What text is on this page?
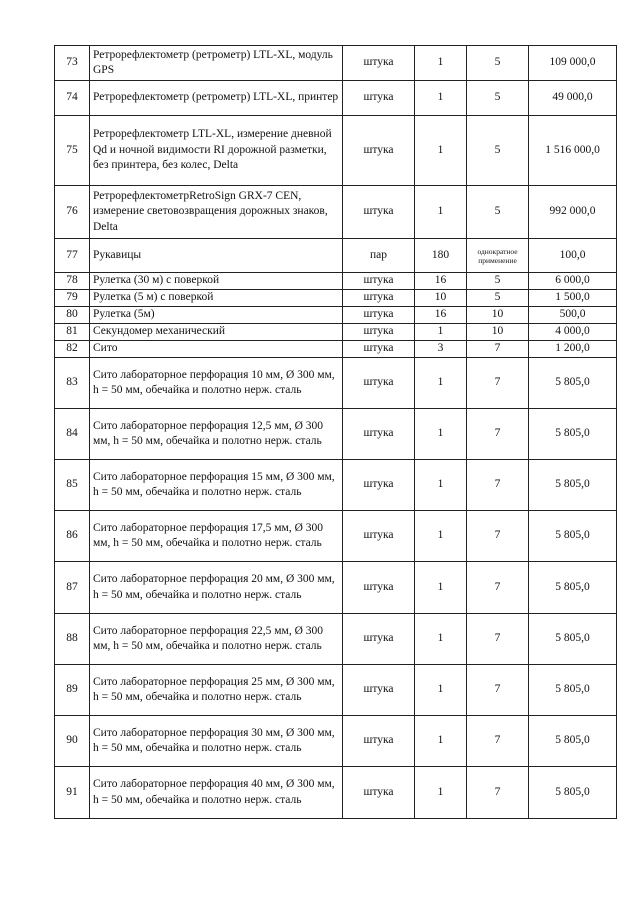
73	Ретрорефлектометр (ретрометр) LTL-XL, модуль GPS	штука	1	5	109 000,0
74	Ретрорефлектометр (ретрометр) LTL-XL, принтер	штука	1	5	49 000,0
75	Ретрорефлектометр LTL-XL, измерение дневной Qd и ночной видимости RI дорожной разметки, без принтера, без колес, Delta	штука	1	5	1 516 000,0
76	РетрорефлектометрRetroSign GRX-7 CEN, измерение световозвращения дорожных знаков, Delta	штука	1	5	992 000,0
77	Рукавицы	пар	180	однократное применение	100,0
78	Рулетка (30 м) с поверкой	штука	16	5	6 000,0
79	Рулетка (5 м) с поверкой	штука	10	5	1 500,0
80	Рулетка (5м)	штука	16	10	500,0
81	Секундомер механический	штука	1	10	4 000,0
82	Сито	штука	3	7	1 200,0
83	Сито лабораторное перфорация 10 мм, Ø 300 мм, h = 50 мм, обечайка и полотно нерж. сталь	штука	1	7	5 805,0
84	Сито лабораторное перфорация 12,5 мм, Ø 300 мм, h = 50 мм, обечайка и полотно нерж. сталь	штука	1	7	5 805,0
85	Сито лабораторное перфорация 15 мм, Ø 300 мм, h = 50 мм, обечайка и полотно нерж. сталь	штука	1	7	5 805,0
86	Сито лабораторное перфорация 17,5 мм, Ø 300 мм, h = 50 мм, обечайка и полотно нерж. сталь	штука	1	7	5 805,0
87	Сито лабораторное перфорация 20 мм, Ø 300 мм, h = 50 мм, обечайка и полотно нерж. сталь	штука	1	7	5 805,0
88	Сито лабораторное перфорация 22,5 мм, Ø 300 мм, h = 50 мм, обечайка и полотно нерж. сталь	штука	1	7	5 805,0
89	Сито лабораторное перфорация 25 мм, Ø 300 мм, h = 50 мм, обечайка и полотно нерж. сталь	штука	1	7	5 805,0
90	Сито лабораторное перфорация 30 мм, Ø 300 мм, h = 50 мм, обечайка и полотно нерж. сталь	штука	1	7	5 805,0
91	Сито лабораторное перфорация 40 мм, Ø 300 мм, h = 50 мм, обечайка и полотно нерж. сталь	штука	1	7	5 805,0
